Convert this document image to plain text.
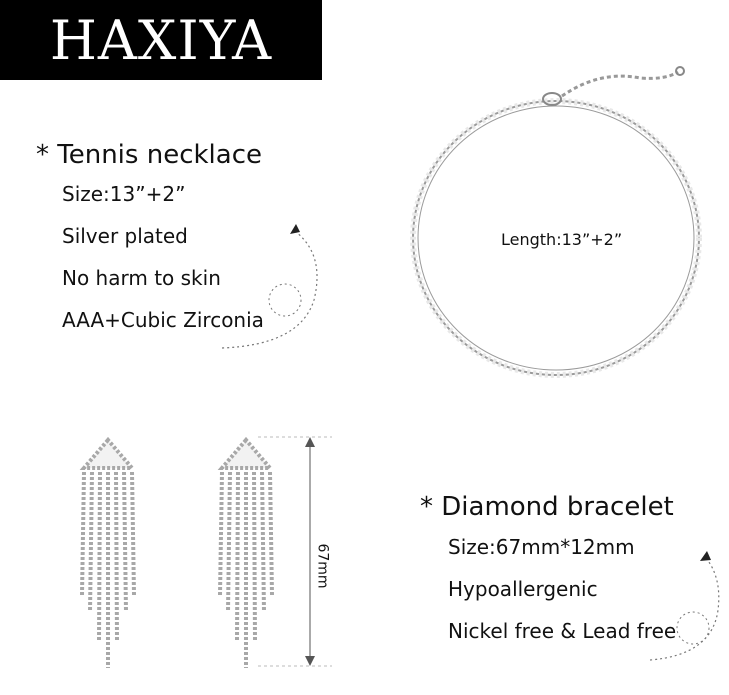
HAXIYA
* Tennis necklace
Size:13”+2”
Silver plated
No harm to skin
AAA+Cubic Zirconia
* Diamond bracelet
Size:67mm*12mm
Hypoallergenic
Nickel free & Lead free
Length:13”+2”
67mm
